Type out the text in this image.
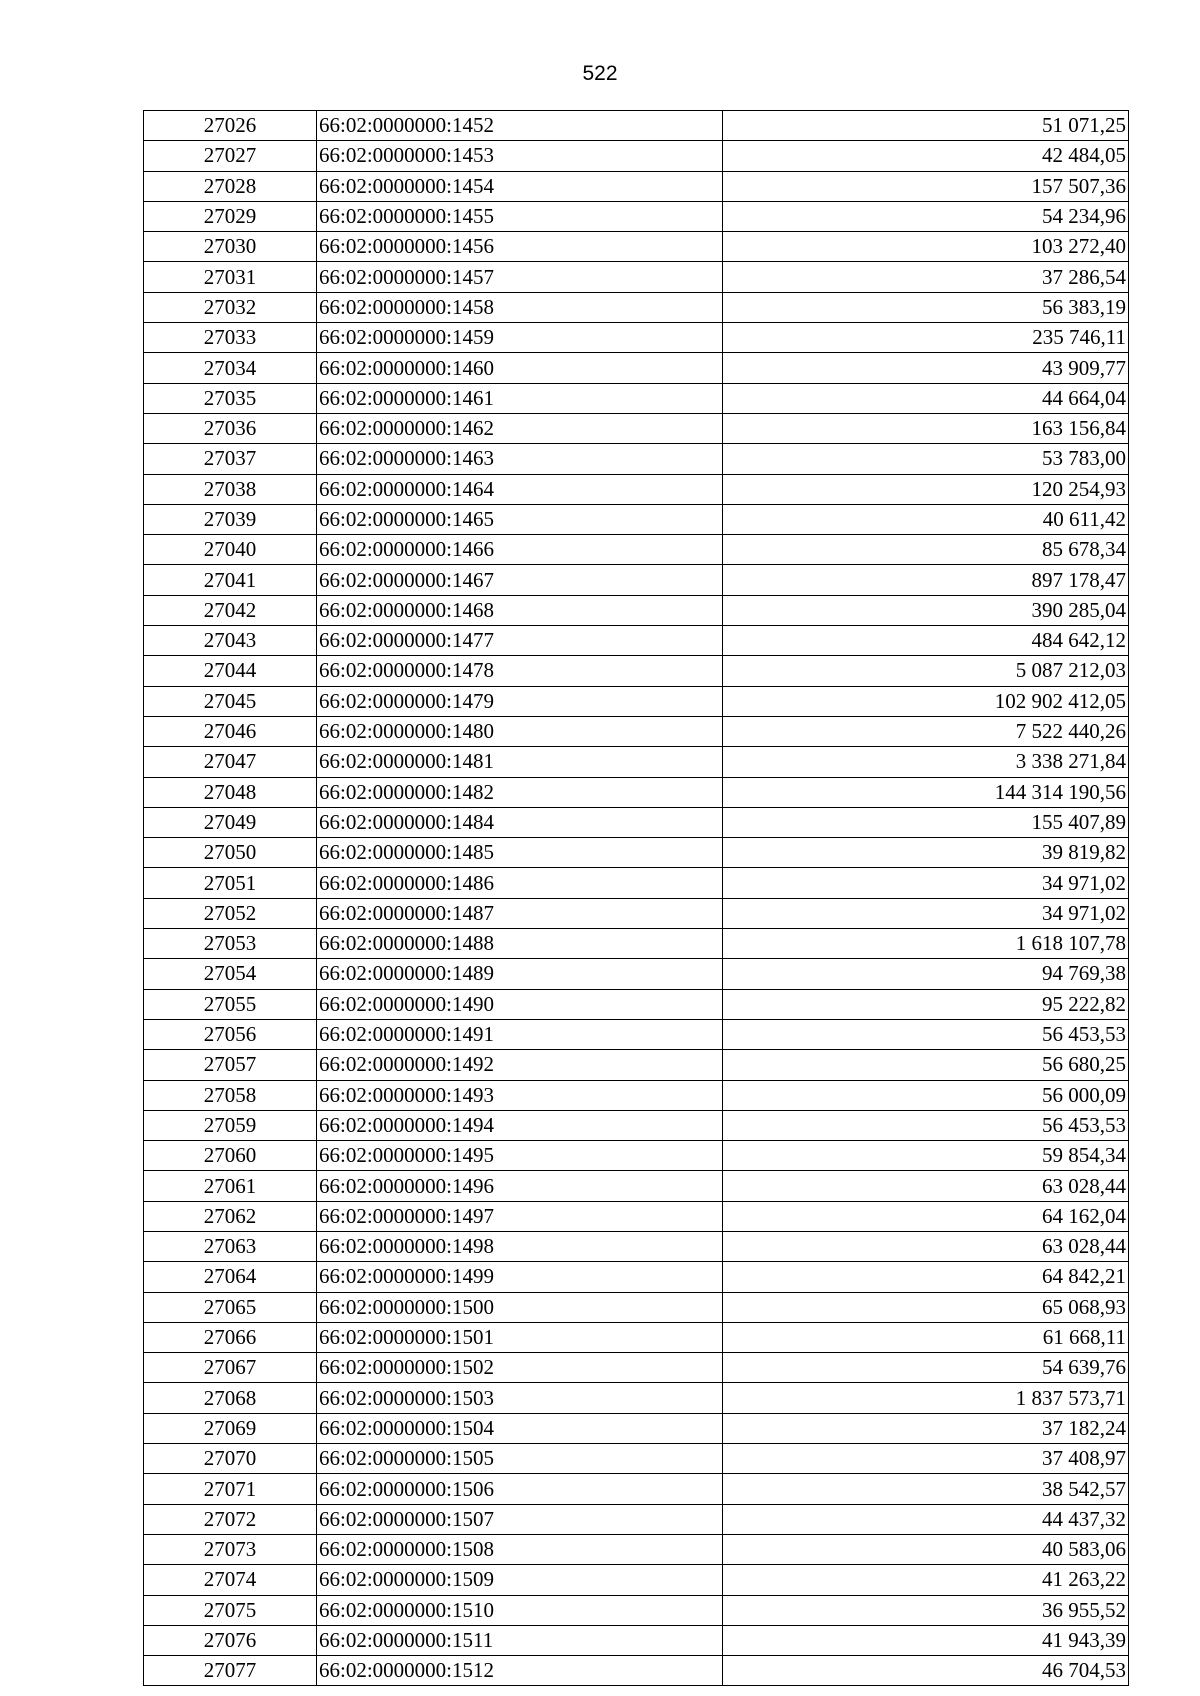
522
27026	66:02:0000000:1452	51 071,25
27027	66:02:0000000:1453	42 484,05
27028	66:02:0000000:1454	157 507,36
27029	66:02:0000000:1455	54 234,96
27030	66:02:0000000:1456	103 272,40
27031	66:02:0000000:1457	37 286,54
27032	66:02:0000000:1458	56 383,19
27033	66:02:0000000:1459	235 746,11
27034	66:02:0000000:1460	43 909,77
27035	66:02:0000000:1461	44 664,04
27036	66:02:0000000:1462	163 156,84
27037	66:02:0000000:1463	53 783,00
27038	66:02:0000000:1464	120 254,93
27039	66:02:0000000:1465	40 611,42
27040	66:02:0000000:1466	85 678,34
27041	66:02:0000000:1467	897 178,47
27042	66:02:0000000:1468	390 285,04
27043	66:02:0000000:1477	484 642,12
27044	66:02:0000000:1478	5 087 212,03
27045	66:02:0000000:1479	102 902 412,05
27046	66:02:0000000:1480	7 522 440,26
27047	66:02:0000000:1481	3 338 271,84
27048	66:02:0000000:1482	144 314 190,56
27049	66:02:0000000:1484	155 407,89
27050	66:02:0000000:1485	39 819,82
27051	66:02:0000000:1486	34 971,02
27052	66:02:0000000:1487	34 971,02
27053	66:02:0000000:1488	1 618 107,78
27054	66:02:0000000:1489	94 769,38
27055	66:02:0000000:1490	95 222,82
27056	66:02:0000000:1491	56 453,53
27057	66:02:0000000:1492	56 680,25
27058	66:02:0000000:1493	56 000,09
27059	66:02:0000000:1494	56 453,53
27060	66:02:0000000:1495	59 854,34
27061	66:02:0000000:1496	63 028,44
27062	66:02:0000000:1497	64 162,04
27063	66:02:0000000:1498	63 028,44
27064	66:02:0000000:1499	64 842,21
27065	66:02:0000000:1500	65 068,93
27066	66:02:0000000:1501	61 668,11
27067	66:02:0000000:1502	54 639,76
27068	66:02:0000000:1503	1 837 573,71
27069	66:02:0000000:1504	37 182,24
27070	66:02:0000000:1505	37 408,97
27071	66:02:0000000:1506	38 542,57
27072	66:02:0000000:1507	44 437,32
27073	66:02:0000000:1508	40 583,06
27074	66:02:0000000:1509	41 263,22
27075	66:02:0000000:1510	36 955,52
27076	66:02:0000000:1511	41 943,39
27077	66:02:0000000:1512	46 704,53
